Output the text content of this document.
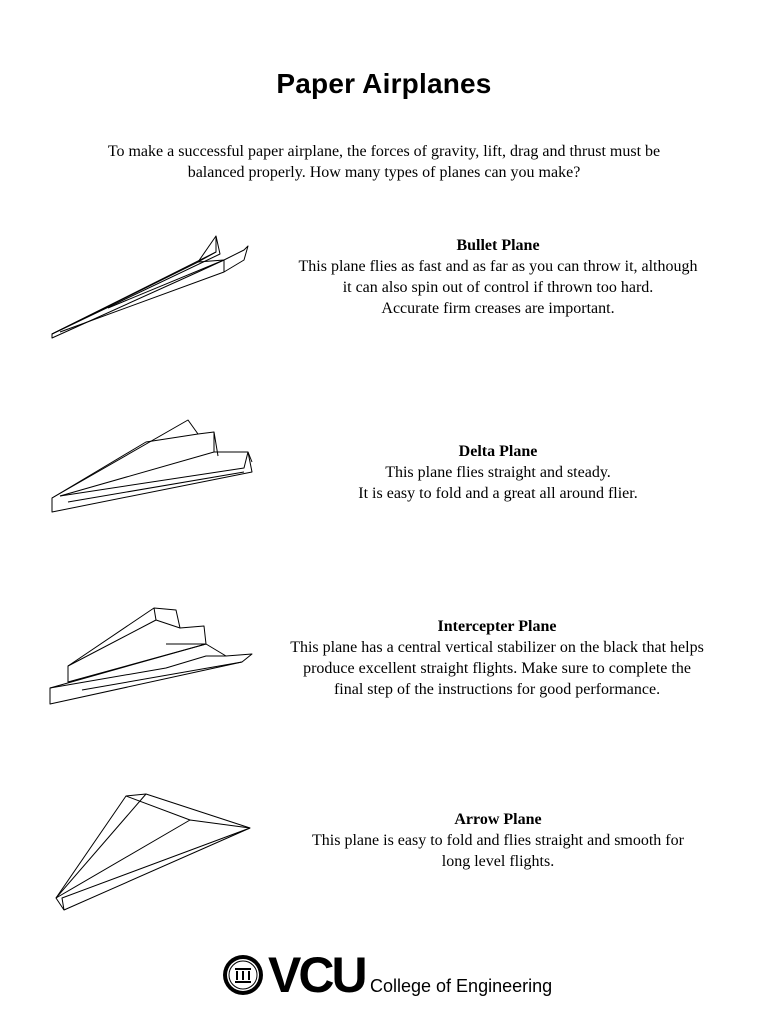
Paper Airplanes
To make a successful paper airplane, the forces of gravity, lift, drag and thrust must be
balanced properly. How many types of planes can you make?
Bullet Plane
This plane flies as fast and as far as you can throw it, although
it can also spin out of control if thrown too hard.
Accurate firm creases are important.
Delta Plane
This plane flies straight and steady.
It is easy to fold and a great all around flier.
Intercepter Plane
This plane has a central vertical stabilizer on the black that helps
produce excellent straight flights. Make sure to complete the
final step of the instructions for good performance.
Arrow Plane
This plane is easy to fold and flies straight and smooth for
long level flights.
VCU College of Engineering
